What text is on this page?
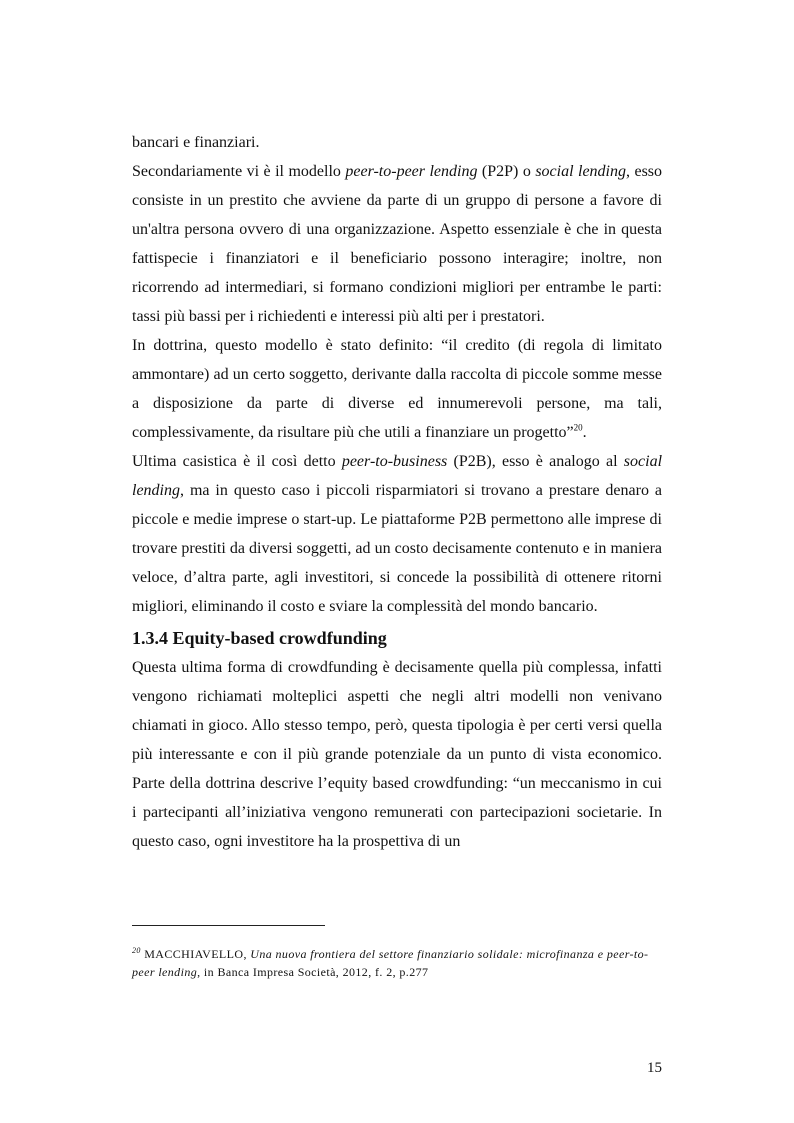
bancari e finanziari.

Secondariamente vi è il modello peer-to-peer lending (P2P) o social lending, esso consiste in un prestito che avviene da parte di un gruppo di persone a favore di un'altra persona ovvero di una organizzazione. Aspetto essenziale è che in questa fattispecie i finanziatori e il beneficiario possono interagire; inoltre, non ricorrendo ad intermediari, si formano condizioni migliori per entrambe le parti: tassi più bassi per i richiedenti e interessi più alti per i prestatori.

In dottrina, questo modello è stato definito: “il credito (di regola di limitato ammontare) ad un certo soggetto, derivante dalla raccolta di piccole somme messe a disposizione da parte di diverse ed innumerevoli persone, ma tali, complessivamente, da risultare più che utili a finanziare un progetto”$^{20}$.

Ultima casistica è il così detto peer-to-business (P2B), esso è analogo al social lending, ma in questo caso i piccoli risparmiatori si trovano a prestare denaro a piccole e medie imprese o start-up. Le piattaforme P2B permettono alle imprese di trovare prestiti da diversi soggetti, ad un costo decisamente contenuto e in maniera veloce, d’altra parte, agli investitori, si concede la possibilità di ottenere ritorni migliori, eliminando il costo e sviare la complessità del mondo bancario.

1.3.4 Equity-based crowdfunding

Questa ultima forma di crowdfunding è decisamente quella più complessa, infatti vengono richiamati molteplici aspetti che negli altri modelli non venivano chiamati in gioco. Allo stesso tempo, però, questa tipologia è per certi versi quella più interessante e con il più grande potenziale da un punto di vista economico. Parte della dottrina descrive l’equity based crowdfunding: “un meccanismo in cui i partecipanti all’iniziativa vengono remunerati con partecipazioni societarie. In questo caso, ogni investitore ha la prospettiva di un

$^{20}$ MACCHIAVELLO, Una nuova frontiera del settore finanziario solidale: microfinanza e peer-to-peer lending, in Banca Impresa Società, 2012, f. 2, p.277

15
